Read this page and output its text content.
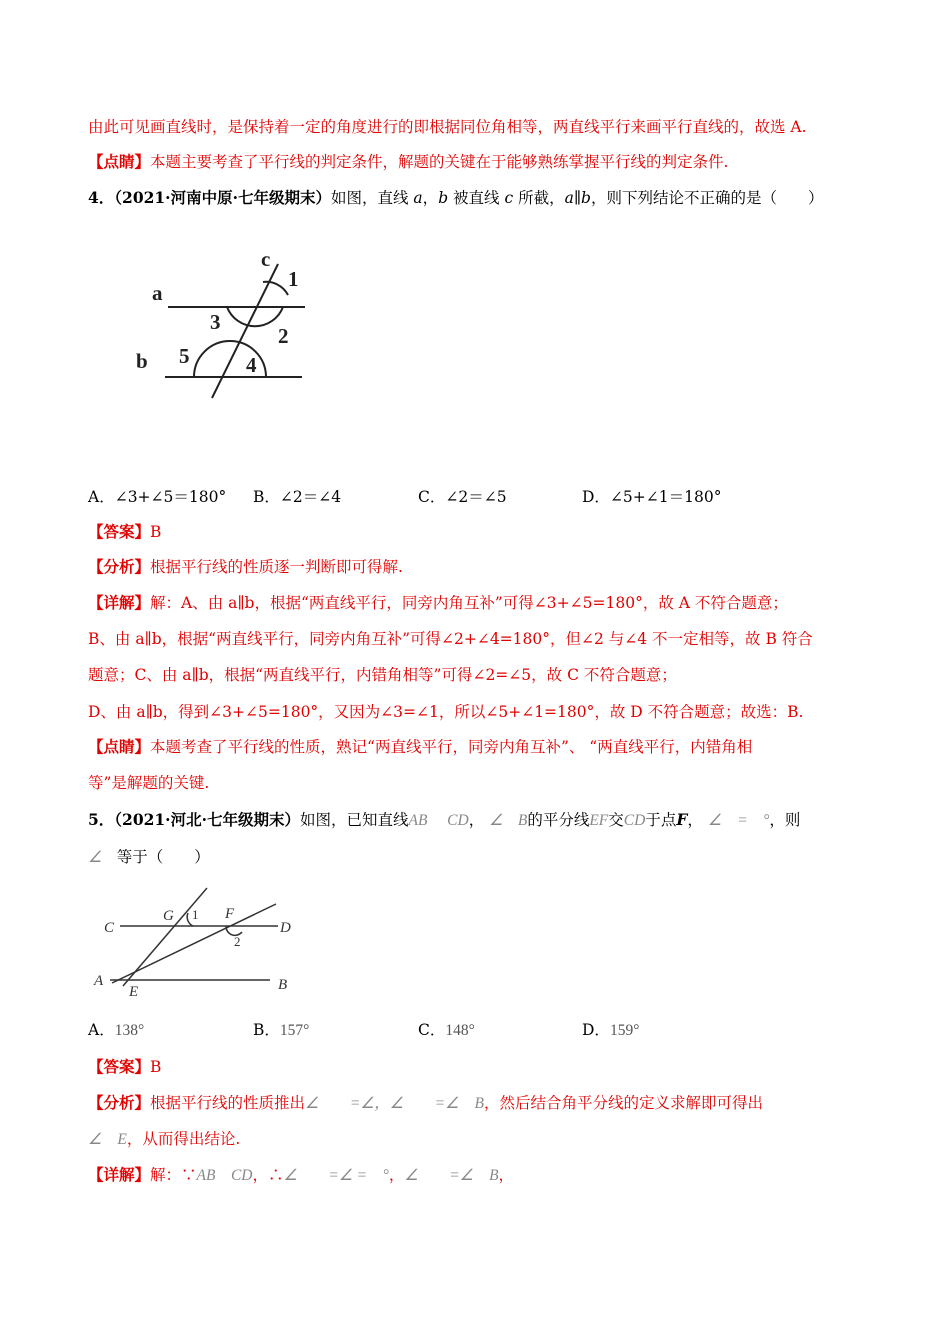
由此可见画直线时，是保持着一定的角度进行的即根据同位角相等，两直线平行来画平行直线的，故选 A.
【点睛】本题主要考查了平行线的判定条件，解题的关键在于能够熟练掌握平行线的判定条件.
4．（2021·河南中原·七年级期末）如图，直线 a，b 被直线 c 所截，a∥b，则下列结论不正确的是（　　）
a
b
c
1
2
3
4
5
A．∠3+∠5＝180° B．∠2＝∠4	C．∠2＝∠5	D．∠5+∠1＝180°
【答案】B
【分析】根据平行线的性质逐一判断即可得解.
【详解】解：A、由 a∥b，根据“两直线平行，同旁内角互补”可得∠3+∠5=180°，故 A 不符合题意；
B、由 a∥b，根据“两直线平行，同旁内角互补”可得∠2+∠4=180°，但∠2 与∠4 不一定相等，故 B 符合
题意；C、由 a∥b，根据“两直线平行，内错角相等”可得∠2=∠5，故 C 不符合题意；
D、由 a∥b，得到∠3+∠5=180°，又因为∠3=∠1，所以∠5+∠1=180°，故 D 不符合题意；故选：B.
【点睛】本题考查了平行线的性质，熟记“两直线平行，同旁内角互补”、 “两直线平行，内错角相
等”是解题的关键.
5．（2021·河北·七年级期末）如图，已知直线AB CD， ∠ B的平分线EF交CD于点F， ∠　=　°，则
∠ 等于（　　）
C	D
A	B
G	F
E
1
2
A．138°	B．157°	C．148°	D．159°
【答案】B
【分析】根据平行线的性质推出∠　　=∠，∠　　=∠　B，然后结合角平分线的定义求解即可得出
∠　E，从而得出结论.
【详解】解：∵AB　CD，∴∠　　=∠ =　°，∠　　=∠　B，
